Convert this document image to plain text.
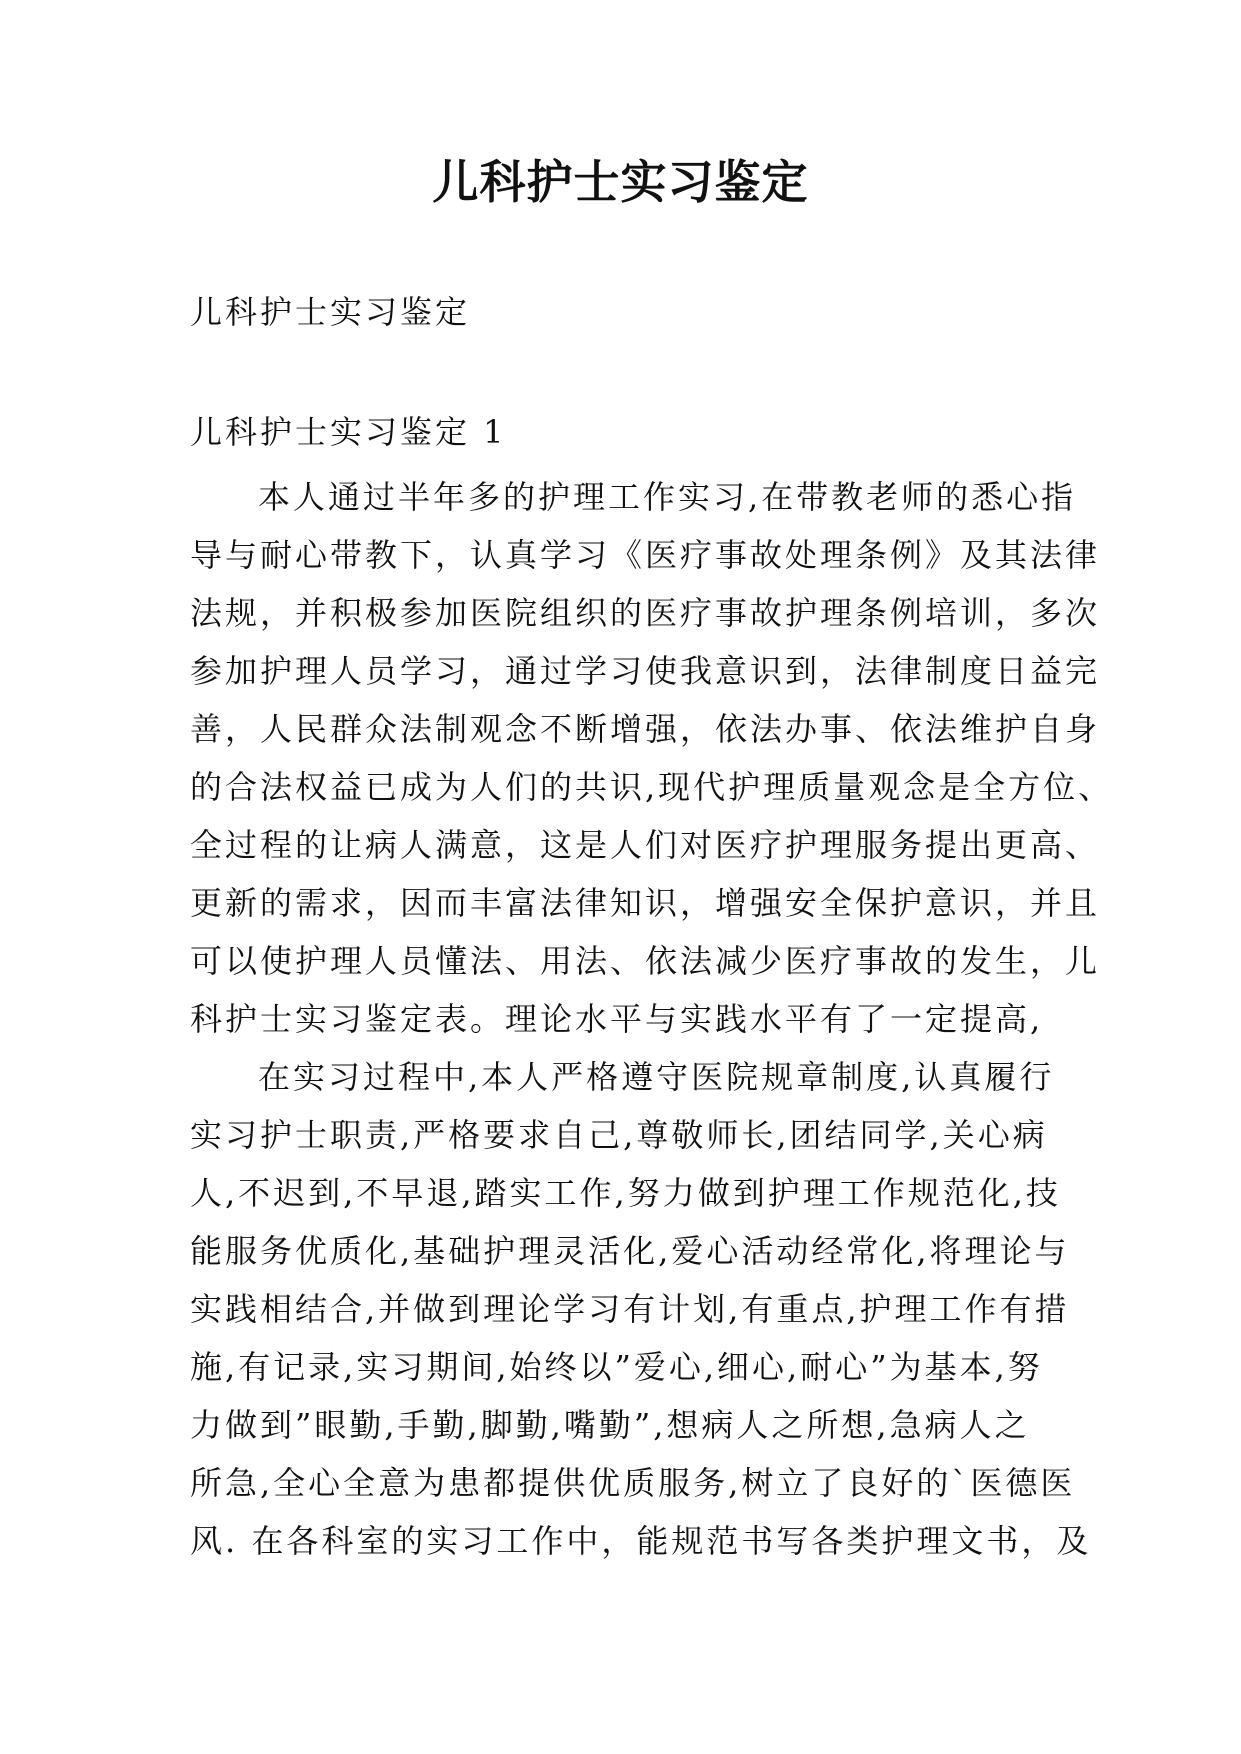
儿科护士实习鉴定

儿科护士实习鉴定

儿科护士实习鉴定 1

本人通过半年多的护理工作实习,在带教老师的悉心指
导与耐心带教下，认真学习《医疗事故处理条例》及其法律
法规，并积极参加医院组织的医疗事故护理条例培训，多次
参加护理人员学习，通过学习使我意识到，法律制度日益完
善，人民群众法制观念不断增强，依法办事、依法维护自身
的合法权益已成为人们的共识,现代护理质量观念是全方位、
全过程的让病人满意，这是人们对医疗护理服务提出更高、
更新的需求，因而丰富法律知识，增强安全保护意识，并且
可以使护理人员懂法、用法、依法减少医疗事故的发生，儿
科护士实习鉴定表。理论水平与实践水平有了一定提高,
在实习过程中,本人严格遵守医院规章制度,认真履行
实习护士职责,严格要求自己,尊敬师长,团结同学,关心病
人,不迟到,不早退,踏实工作,努力做到护理工作规范化,技
能服务优质化,基础护理灵活化,爱心活动经常化,将理论与
实践相结合,并做到理论学习有计划,有重点,护理工作有措
施,有记录,实习期间,始终以”爱心,细心,耐心”为基本,努
力做到”眼勤,手勤,脚勤,嘴勤”,想病人之所想,急病人之
所急,全心全意为患都提供优质服务,树立了良好的`医德医
风. 在各科室的实习工作中，能规范书写各类护理文书，及
